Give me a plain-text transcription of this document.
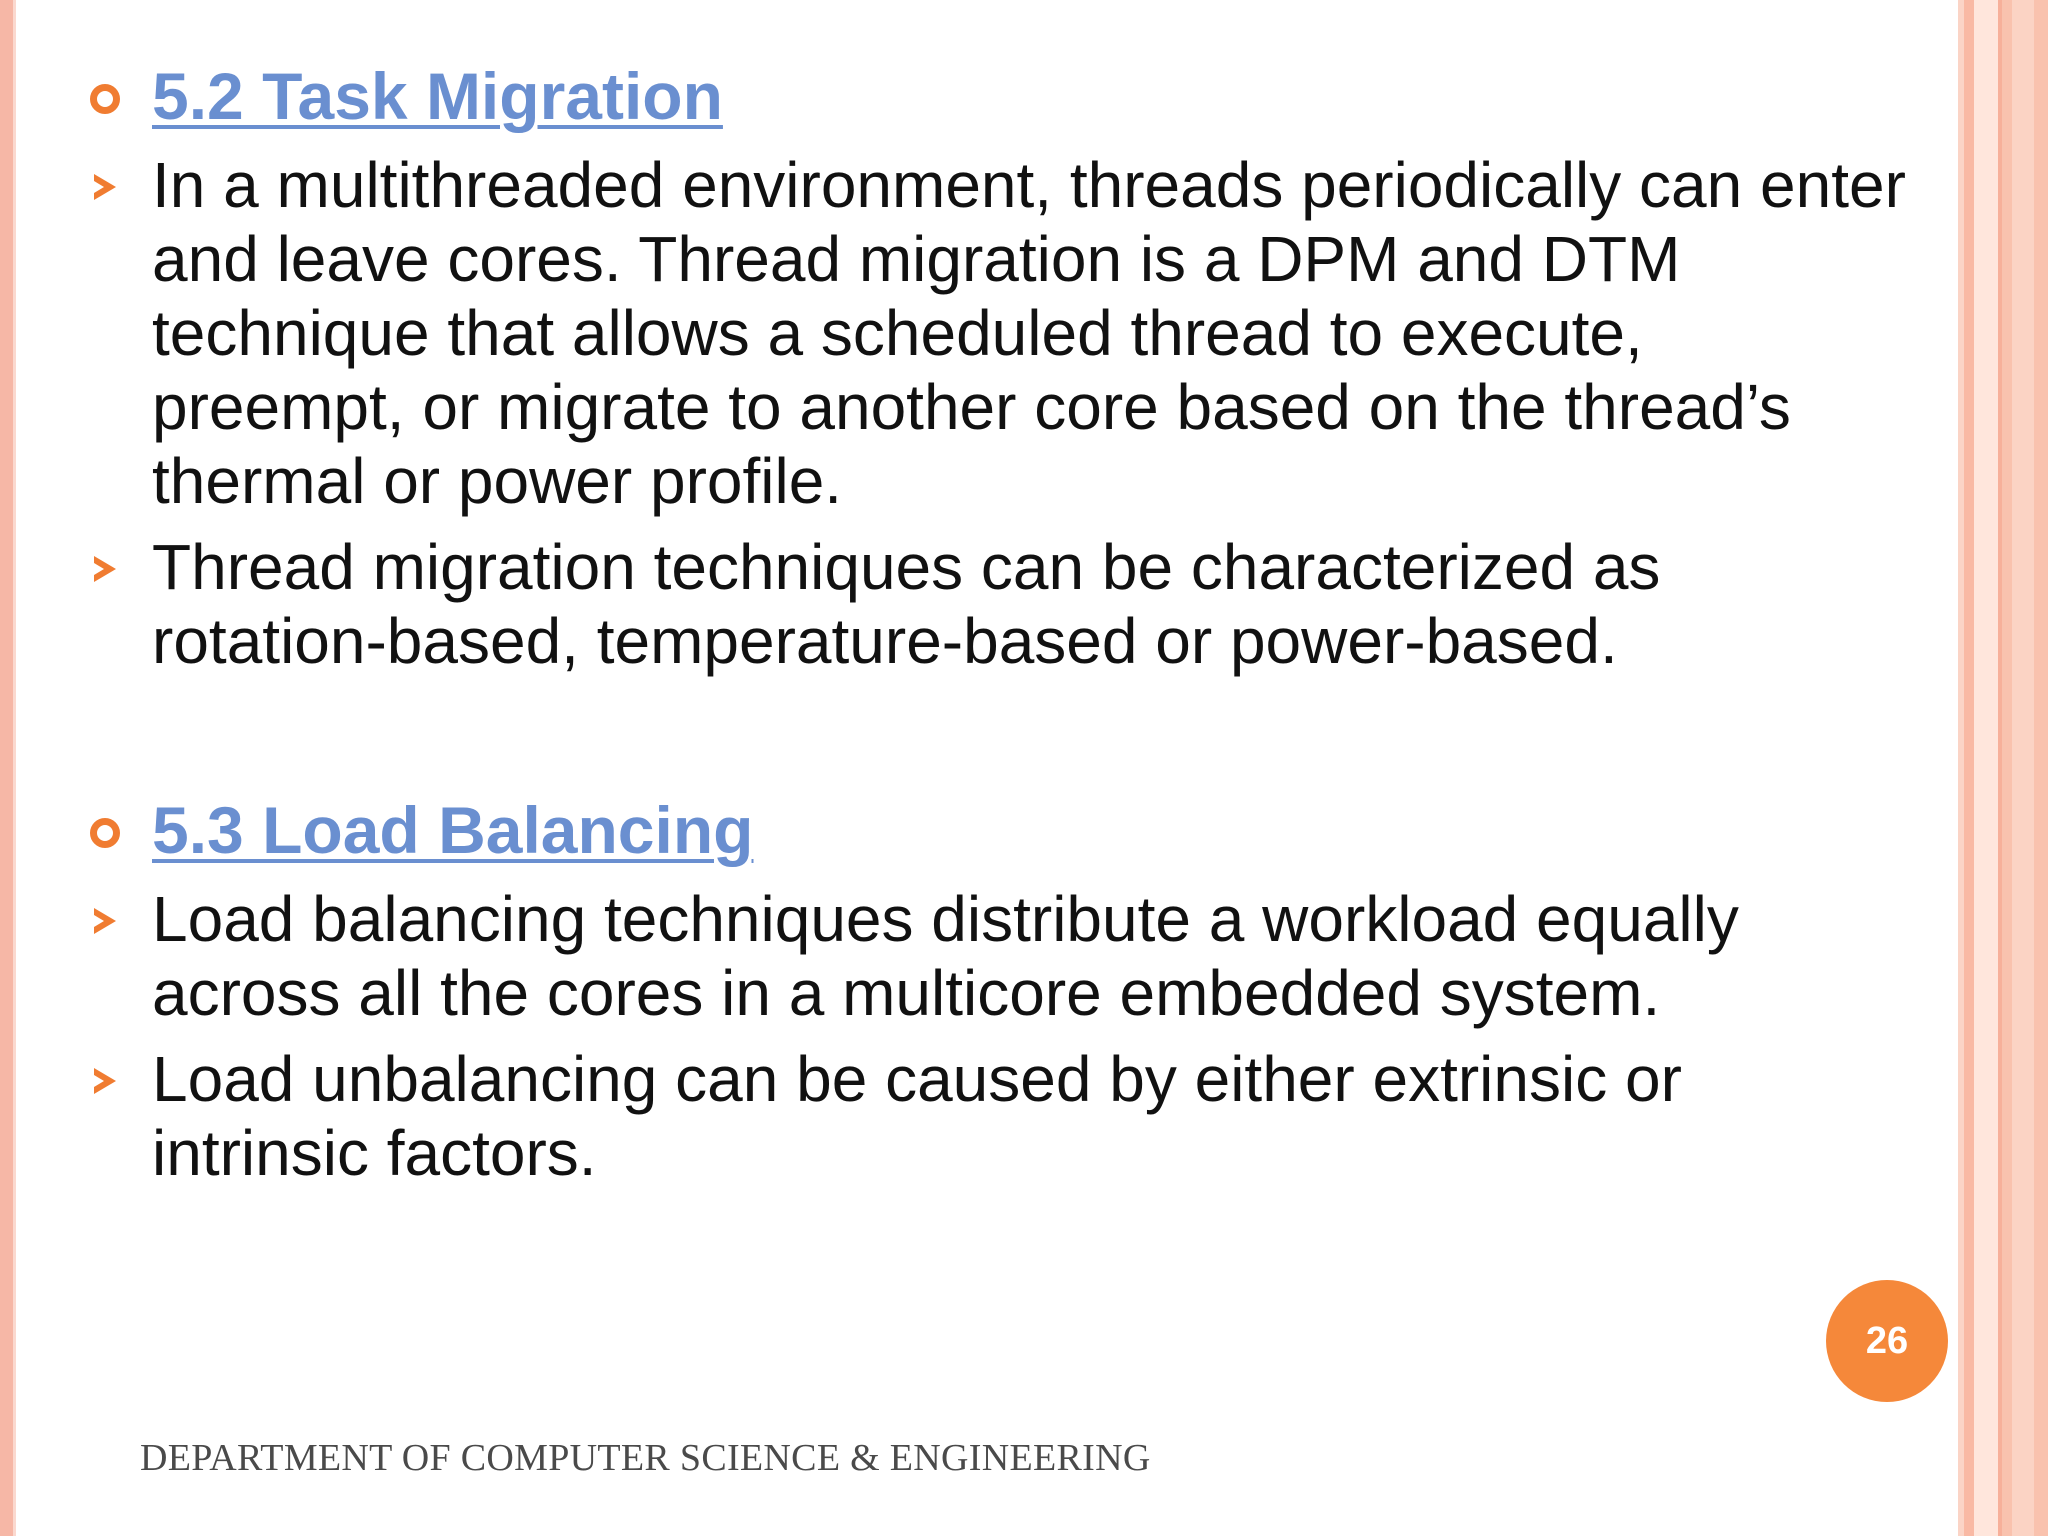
5.2 Task Migration
In a multithreaded environment, threads periodically can enter and leave cores. Thread migration is a DPM and DTM technique that allows a scheduled thread to execute, preempt, or migrate to another core based on the thread’s thermal or power profile.
Thread migration techniques can be characterized as rotation-based, temperature-based or power-based.
5.3 Load Balancing
Load balancing techniques distribute a workload equally across all the cores in a multicore embedded system.
Load unbalancing can be caused by either extrinsic or intrinsic factors.
26
DEPARTMENT OF COMPUTER SCIENCE & ENGINEERING
